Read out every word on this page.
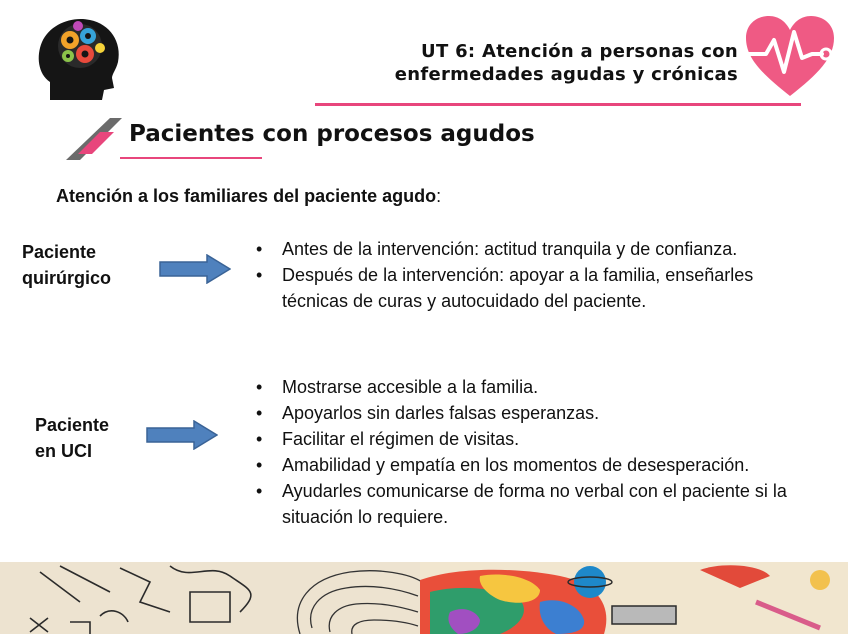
UT 6: Atención a personas con
enfermedades agudas y crónicas
Pacientes con procesos agudos
Atención a los familiares del paciente agudo:
Paciente
quirúrgico
• Antes de la intervención: actitud tranquila y de confianza.
• Después de la intervención: apoyar a la familia, enseñarles técnicas de curas y autocuidado del paciente.
Paciente
en UCI
• Mostrarse accesible a la familia.
• Apoyarlos sin darles falsas esperanzas.
• Facilitar el régimen de visitas.
• Amabilidad y empatía en los momentos de desesperación.
• Ayudarles comunicarse de forma no verbal con el paciente si la situación lo requiere.
